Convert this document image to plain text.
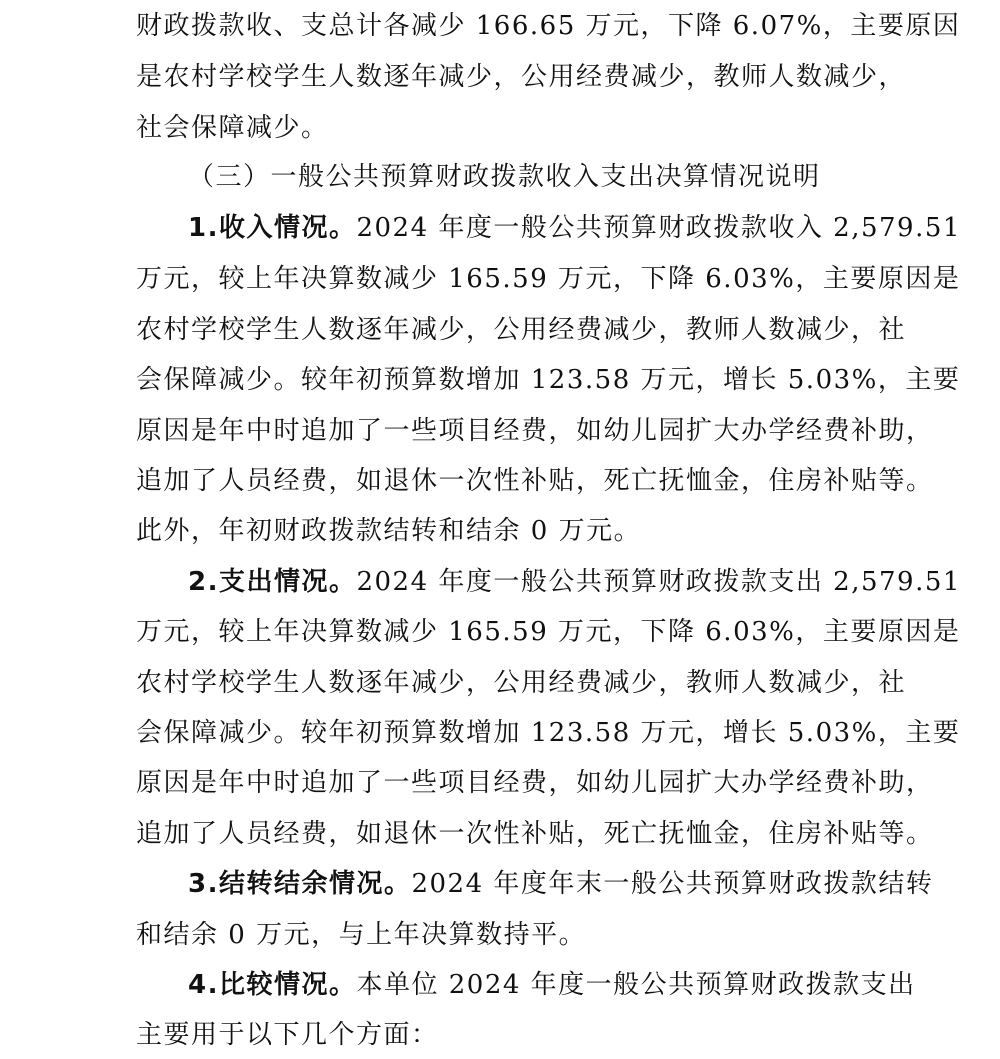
财政拨款收、支总计各减少 166.65 万元，下降 6.07%，主要原因
是农村学校学生人数逐年减少，公用经费减少，教师人数减少，
社会保障减少。
（三）一般公共预算财政拨款收入支出决算情况说明
1.收入情况。2024 年度一般公共预算财政拨款收入 2,579.51
万元，较上年决算数减少 165.59 万元，下降 6.03%，主要原因是
农村学校学生人数逐年减少，公用经费减少，教师人数减少，社
会保障减少。较年初预算数增加 123.58 万元，增长 5.03%，主要
原因是年中时追加了一些项目经费，如幼儿园扩大办学经费补助，
追加了人员经费，如退休一次性补贴，死亡抚恤金，住房补贴等。
此外，年初财政拨款结转和结余 0 万元。
2.支出情况。2024 年度一般公共预算财政拨款支出 2,579.51
万元，较上年决算数减少 165.59 万元，下降 6.03%，主要原因是
农村学校学生人数逐年减少，公用经费减少，教师人数减少，社
会保障减少。较年初预算数增加 123.58 万元，增长 5.03%，主要
原因是年中时追加了一些项目经费，如幼儿园扩大办学经费补助，
追加了人员经费，如退休一次性补贴，死亡抚恤金，住房补贴等。
3.结转结余情况。2024 年度年末一般公共预算财政拨款结转
和结余 0 万元，与上年决算数持平。
4.比较情况。本单位 2024 年度一般公共预算财政拨款支出
主要用于以下几个方面：
